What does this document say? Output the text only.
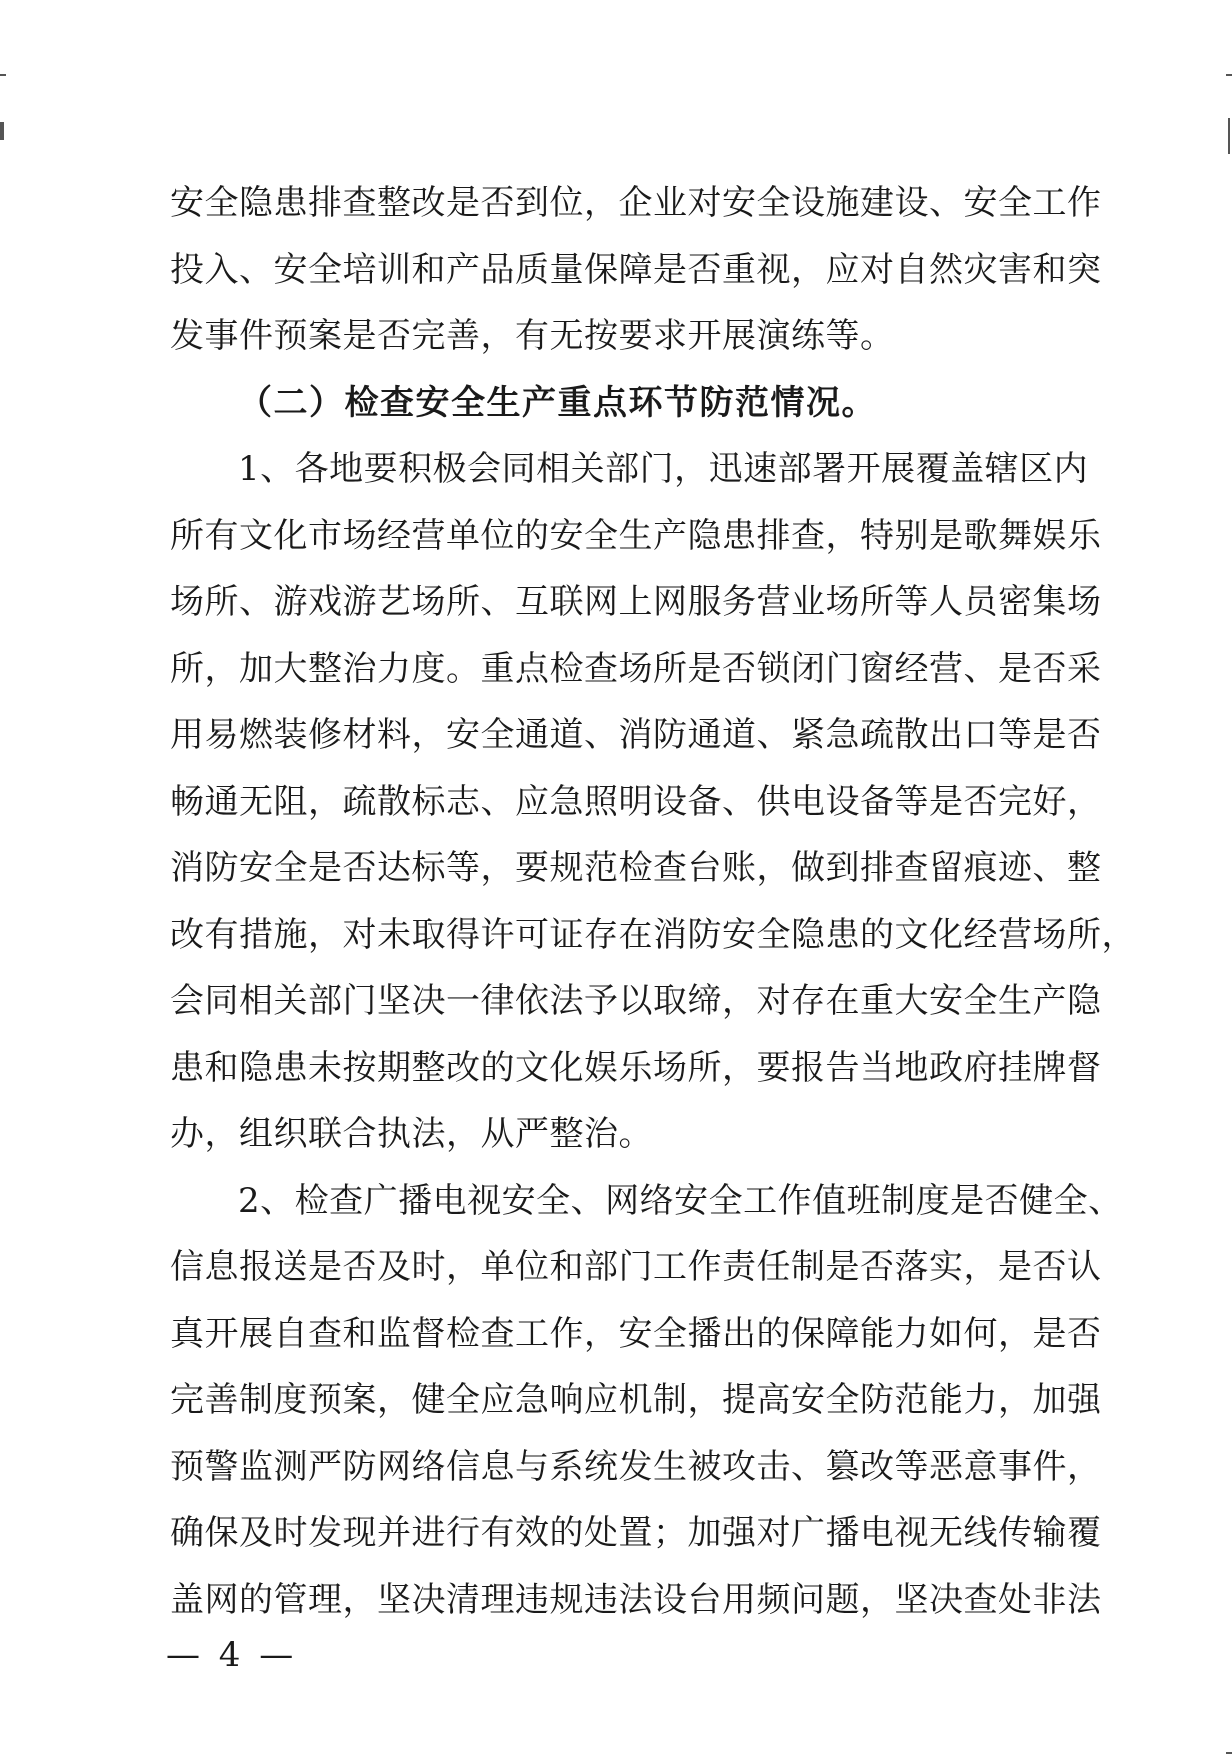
安全隐患排查整改是否到位，企业对安全设施建设、安全工作
投入、安全培训和产品质量保障是否重视，应对自然灾害和突
发事件预案是否完善，有无按要求开展演练等。
（二）检查安全生产重点环节防范情况。
1、各地要积极会同相关部门，迅速部署开展覆盖辖区内
所有文化市场经营单位的安全生产隐患排查，特别是歌舞娱乐
场所、游戏游艺场所、互联网上网服务营业场所等人员密集场
所，加大整治力度。重点检查场所是否锁闭门窗经营、是否采
用易燃装修材料，安全通道、消防通道、紧急疏散出口等是否
畅通无阻，疏散标志、应急照明设备、供电设备等是否完好，
消防安全是否达标等，要规范检查台账，做到排查留痕迹、整
改有措施，对未取得许可证存在消防安全隐患的文化经营场所，
会同相关部门坚决一律依法予以取缔，对存在重大安全生产隐
患和隐患未按期整改的文化娱乐场所，要报告当地政府挂牌督
办，组织联合执法，从严整治。
2、检查广播电视安全、网络安全工作值班制度是否健全、
信息报送是否及时，单位和部门工作责任制是否落实，是否认
真开展自查和监督检查工作，安全播出的保障能力如何，是否
完善制度预案，健全应急响应机制，提高安全防范能力，加强
预警监测严防网络信息与系统发生被攻击、篡改等恶意事件，
确保及时发现并进行有效的处置；加强对广播电视无线传输覆
盖网的管理，坚决清理违规违法设台用频问题，坚决查处非法
— 4 —
